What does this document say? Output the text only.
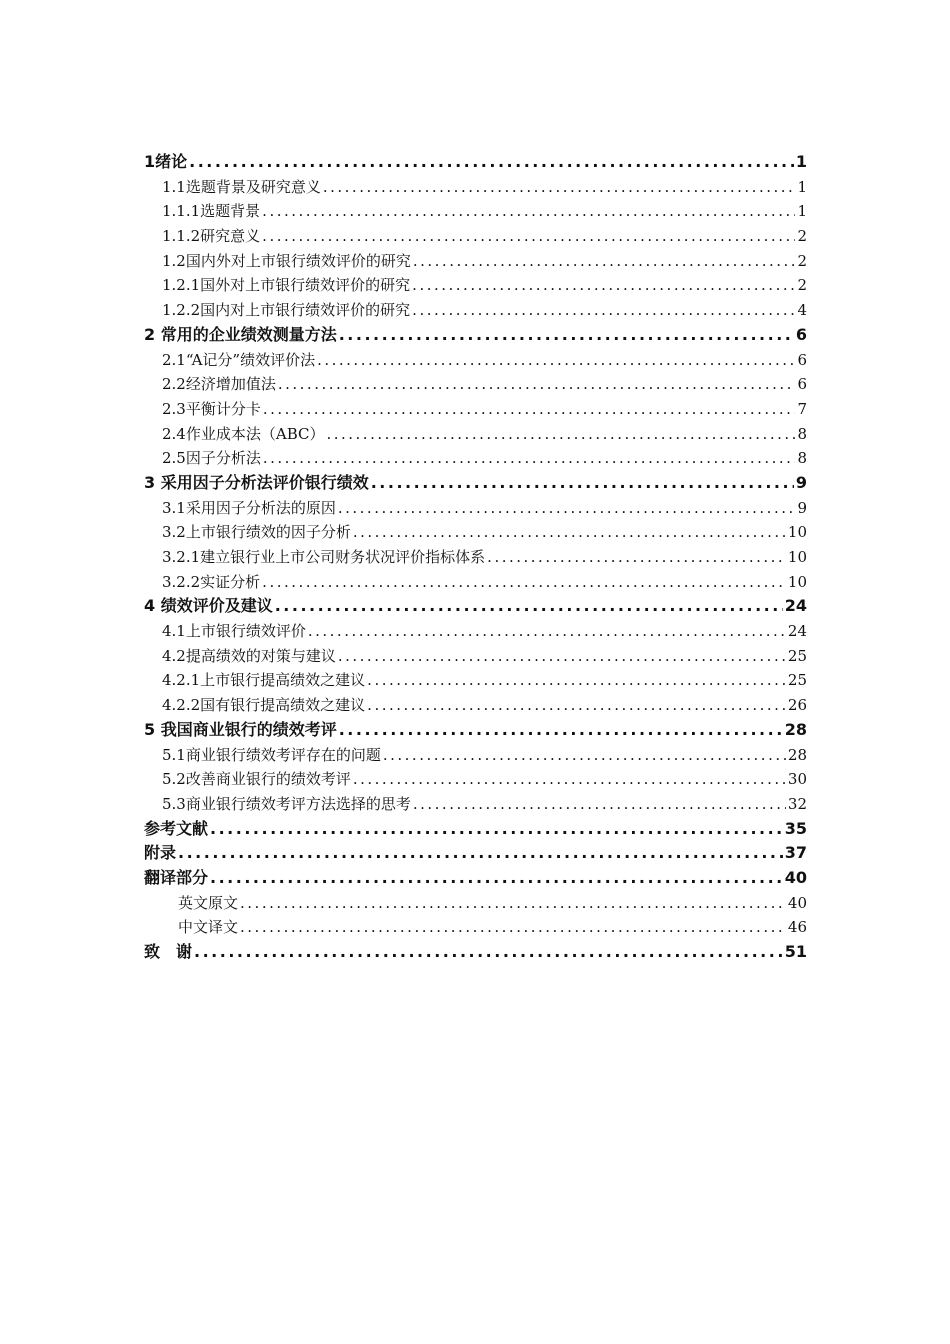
1绪论 .....	1
1.1选题背景及研究意义 .....	1
1.1.1选题背景 .....	1
1.1.2研究意义 .....	2
1.2国内外对上市银行绩效评价的研究 .....	2
1.2.1国外对上市银行绩效评价的研究 .....	2
1.2.2国内对上市银行绩效评价的研究 .....	4
2 常用的企业绩效测量方法 .....	6
2.1“A记分”绩效评价法 .....	6
2.2经济增加值法 .....	6
2.3平衡计分卡 .....	7
2.4作业成本法（ABC） .....	8
2.5因子分析法 .....	8
3 采用因子分析法评价银行绩效 .....	9
3.1采用因子分析法的原因 .....	9
3.2上市银行绩效的因子分析 .....	10
3.2.1建立银行业上市公司财务状况评价指标体系 .....	10
3.2.2实证分析 .....	10
4 绩效评价及建议 .....	24
4.1上市银行绩效评价 .....	24
4.2提高绩效的对策与建议 .....	25
4.2.1上市银行提高绩效之建议 .....	25
4.2.2国有银行提高绩效之建议 .....	26
5 我国商业银行的绩效考评 .....	28
5.1商业银行绩效考评存在的问题 .....	28
5.2改善商业银行的绩效考评 .....	30
5.3商业银行绩效考评方法选择的思考 .....	32
参考文献 .....	35
附录 .....	37
翻译部分 .....	40
英文原文 .....	40
中文译文 .....	46
致　谢 .....	51
